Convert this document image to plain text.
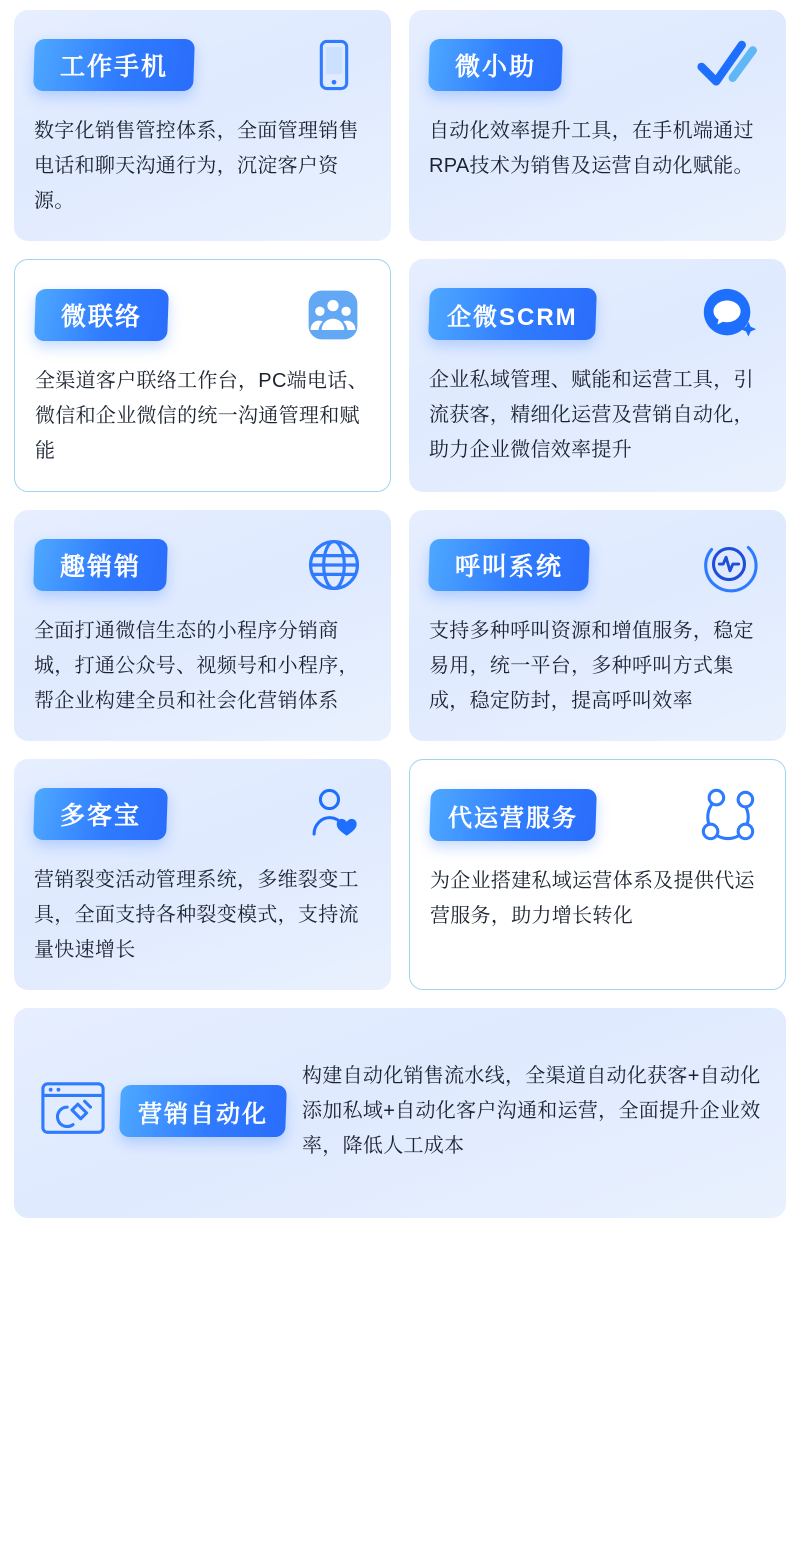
工作手机
数字化销售管控体系，全面管理销售电话和聊天沟通行为，沉淀客户资源。
微小助
自动化效率提升工具，在手机端通过RPA技术为销售及运营自动化赋能。
微联络
全渠道客户联络工作台，PC端电话、微信和企业微信的统一沟通管理和赋能
企微SCRM
企业私域管理、赋能和运营工具，引流获客，精细化运营及营销自动化，助力企业微信效率提升
趣销销
全面打通微信生态的小程序分销商城，打通公众号、视频号和小程序，帮企业构建全员和社会化营销体系
呼叫系统
支持多种呼叫资源和增值服务，稳定易用，统一平台，多种呼叫方式集成，稳定防封，提高呼叫效率
多客宝
营销裂变活动管理系统，多维裂变工具，全面支持各种裂变模式，支持流量快速增长
代运营服务
为企业搭建私域运营体系及提供代运营服务，助力增长转化
营销自动化
构建自动化销售流水线，全渠道自动化获客+自动化添加私域+自动化客户沟通和运营，全面提升企业效率，降低人工成本
